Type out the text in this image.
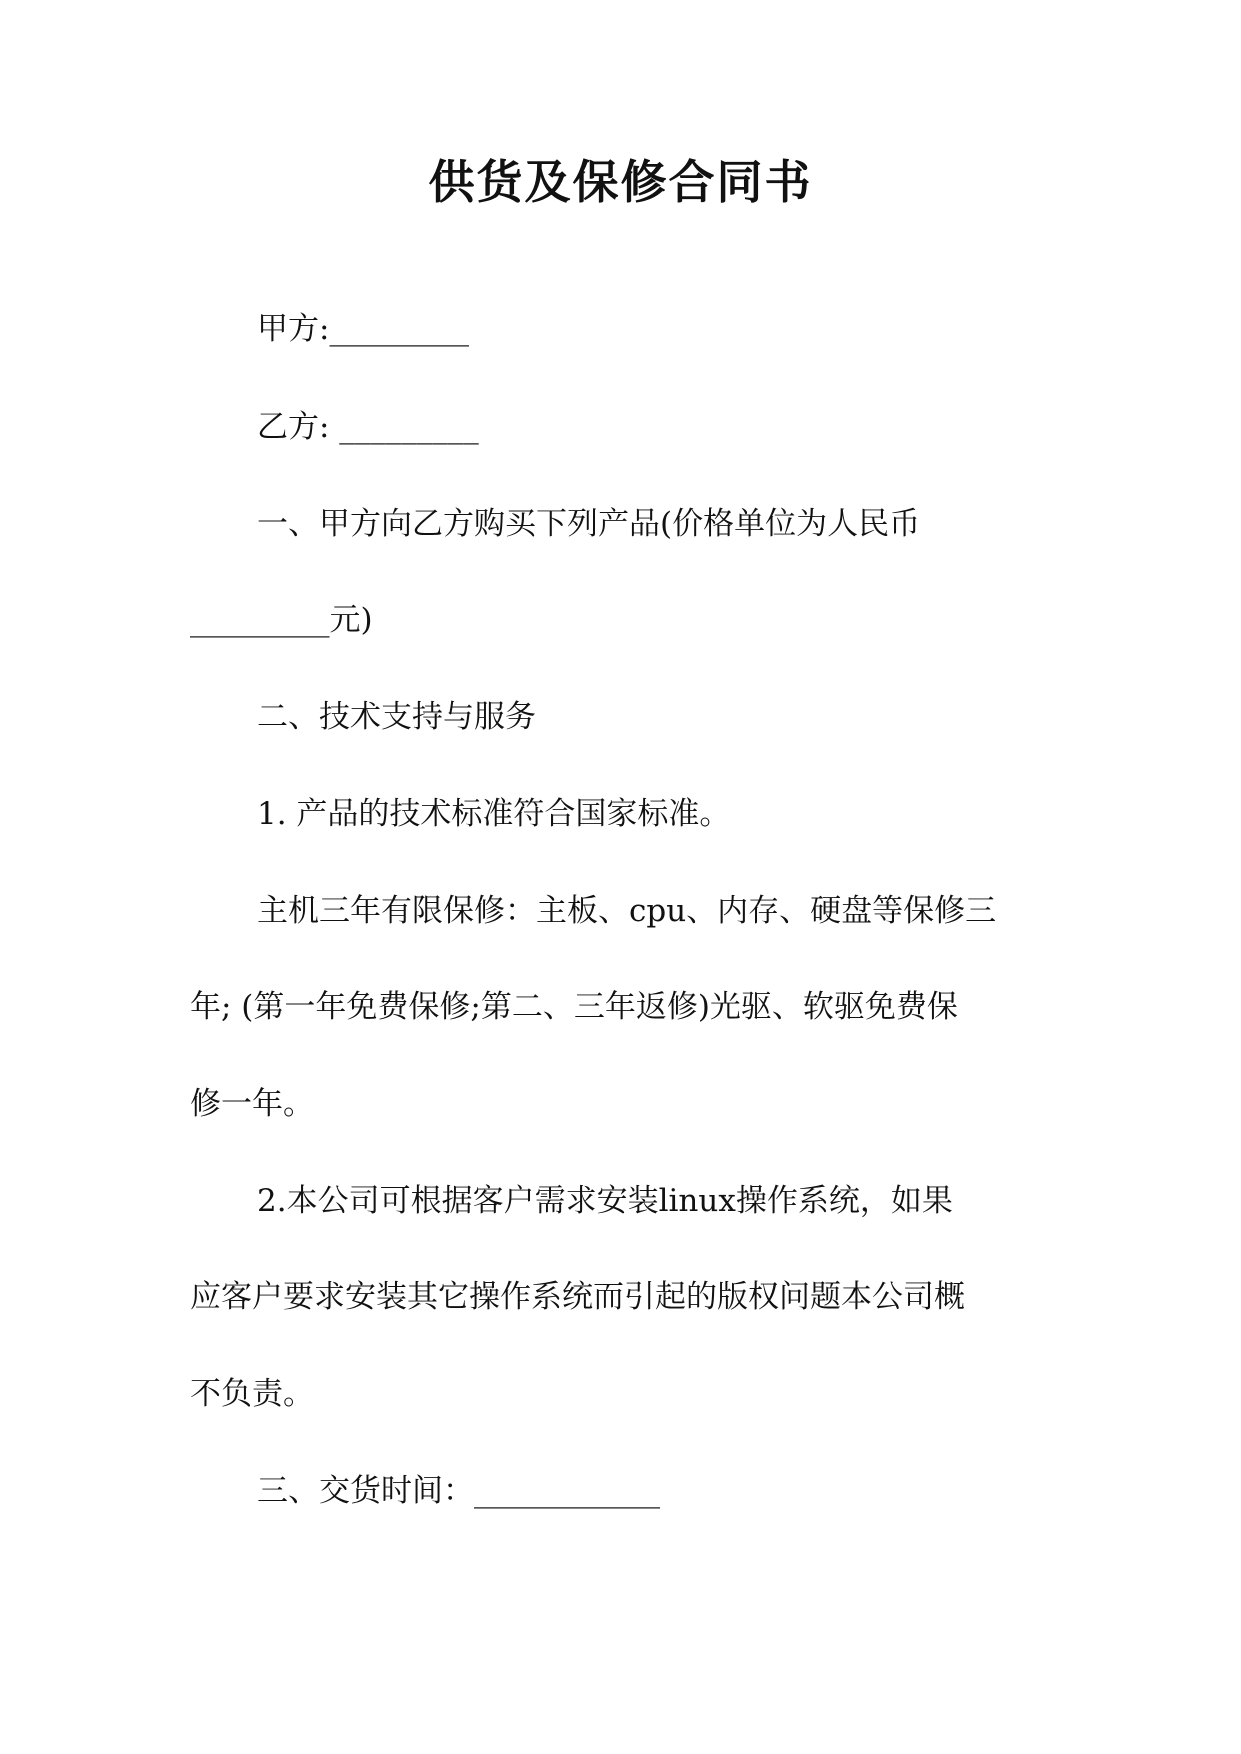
供货及保修合同书
甲方:_________
乙方: _________
一、甲方向乙方购买下列产品(价格单位为人民币
_________元)
二、技术支持与服务
1. 产品的技术标准符合国家标准。
主机三年有限保修：主板、cpu、内存、硬盘等保修三
年; (第一年免费保修;第二、三年返修)光驱、软驱免费保
修一年。
2.本公司可根据客户需求安装linux操作系统，如果
应客户要求安装其它操作系统而引起的版权问题本公司概
不负责。
三、交货时间：____________
